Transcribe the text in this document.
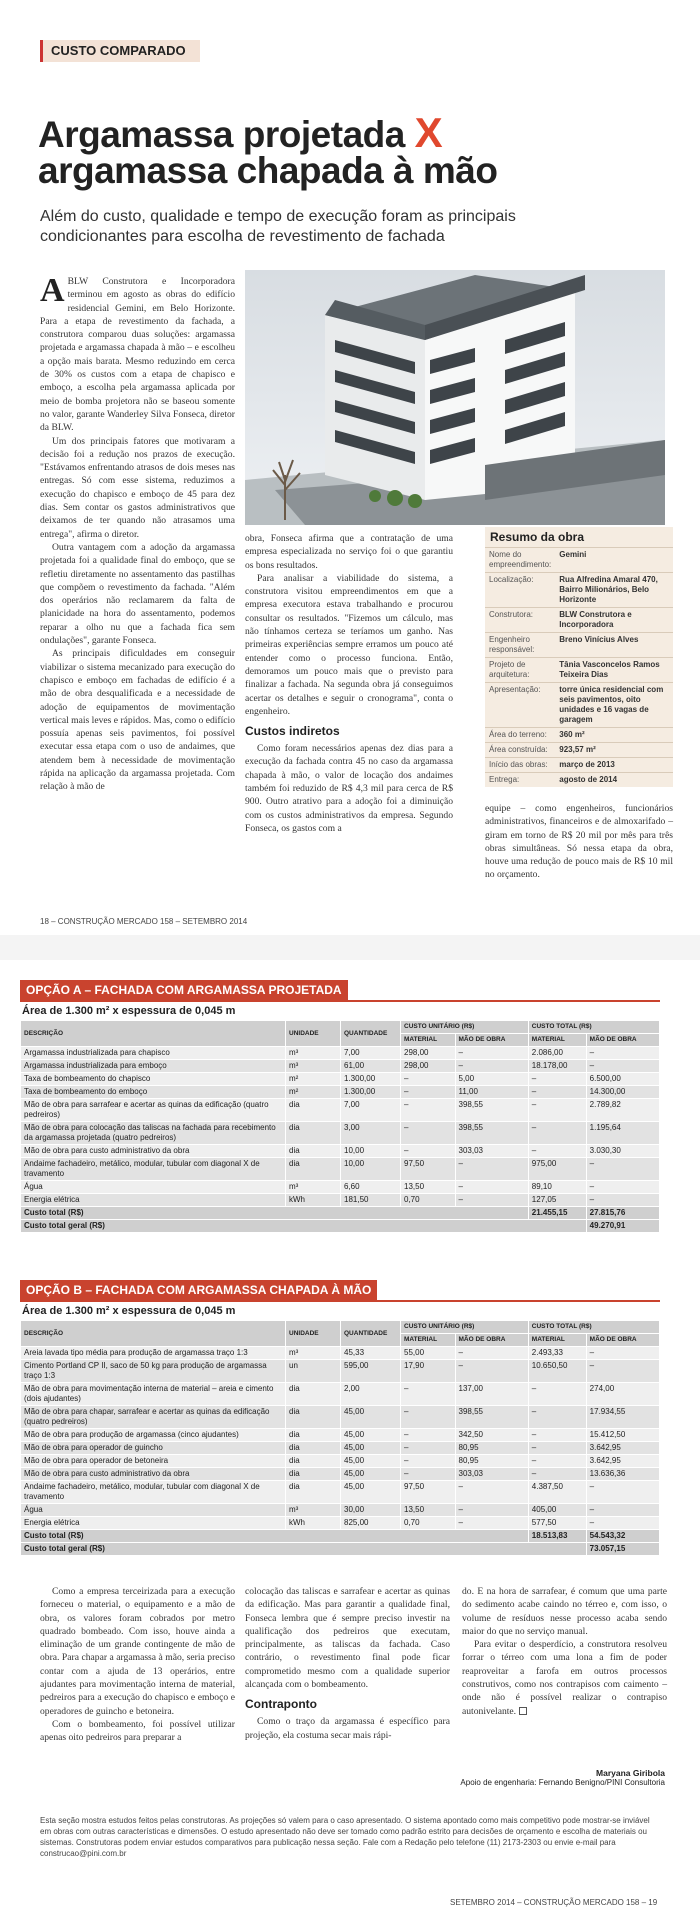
CUSTO COMPARADO
Argamassa projetada X
argamassa chapada à mão

Além do custo, qualidade e tempo de execução foram as principais condicionantes para escolha de revestimento de fachada

ABLW Construtora e Incorporadora terminou em agosto as obras do edifício residencial Gemini, em Belo Horizonte. Para a etapa de revestimento da fachada, a construtora comparou duas soluções: argamassa projetada e argamassa chapada à mão – e escolheu a opção mais barata. Mesmo reduzindo em cerca de 30% os custos com a etapa de chapisco e emboço, a escolha pela argamassa aplicada por meio de bomba projetora não se baseou somente no valor, garante Wanderley Silva Fonseca, diretor da BLW.

Um dos principais fatores que motivaram a decisão foi a redução nos prazos de execução. "Estávamos enfrentando atrasos de dois meses nas entregas. Só com esse sistema, reduzimos a execução do chapisco e emboço de 45 para dez dias. Sem contar os gastos administrativos que deixamos de ter quando não atrasamos uma entrega", afirma o diretor.

Outra vantagem com a adoção da argamassa projetada foi a qualidade final do emboço, que se refletiu diretamente no assentamento das pastilhas que compõem o revestimento da fachada. "Além dos operários não reclamarem da falta de planicidade na hora do assentamento, podemos reparar a olho nu que a fachada fica sem ondulações", garante Fonseca.

As principais dificuldades em conseguir viabilizar o sistema mecanizado para execução do chapisco e emboço em fachadas de edifício é a mão de obra desqualificada e a necessidade de adoção de equipamentos de movimentação vertical mais leves e rápidos. Mas, como o edifício possuía apenas seis pavimentos, foi possível executar essa etapa com o uso de andaimes, que atendem bem à necessidade de movimentação rápida na aplicação da argamassa projetada. Com relação à mão de

obra, Fonseca afirma que a contratação de uma empresa especializada no serviço foi o que garantiu os bons resultados.

Para analisar a viabilidade do sistema, a construtora visitou empreendimentos em que a empresa executora estava trabalhando e procurou consultar os resultados. "Fizemos um cálculo, mas não tínhamos certeza se teríamos um ganho. Nas primeiras experiências sempre erramos um pouco até entender como o processo funciona. Então, demoramos um pouco mais que o previsto para finalizar a fachada. Na segunda obra já conseguimos acertar os detalhes e seguir o cronograma", conta o engenheiro.

Custos indiretos

Como foram necessários apenas dez dias para a execução da fachada contra 45 no caso da argamassa chapada à mão, o valor de locação dos andaimes também foi reduzido de R$ 4,3 mil para cerca de R$ 900. Outro atrativo para a adoção foi a diminuição com os custos administrativos da empresa. Segundo Fonseca, os gastos com a

Resumo da obra
Nome do empreendimento:	Gemini
Localização:	Rua Alfredina Amaral 470, Bairro Milionários, Belo Horizonte
Construtora:	BLW Construtora e Incorporadora
Engenheiro responsável:	Breno Vinícius Alves
Projeto de arquitetura:	Tânia Vasconcelos Ramos Teixeira Dias
Apresentação:	torre única residencial com seis pavimentos, oito unidades e 16 vagas de garagem
Área do terreno:	360 m²
Área construída:	923,57 m²
Início das obras:	março de 2013
Entrega:	agosto de 2014

equipe – como engenheiros, funcionários administrativos, financeiros e de almoxarifado – giram em torno de R$ 20 mil por mês para três obras simultâneas. Só nessa etapa da obra, houve uma redução de pouco mais de R$ 10 mil no orçamento.

18 – CONSTRUÇÃO MERCADO 158 – SETEMBRO 2014
OPÇÃO A – FACHADA COM ARGAMASSA PROJETADA
Área de 1.300 m² x espessura de 0,045 m
DESCRIÇÃO	UNIDADE	QUANTIDADE	CUSTO UNITÁRIO (R$)		CUSTO TOTAL (R$)	
			MATERIAL	MÃO DE OBRA	MATERIAL	MÃO DE OBRA
Argamassa industrializada para chapisco	m³	7,00	298,00	–	2.086,00	–
Argamassa industrializada para emboço	m³	61,00	298,00	–	18.178,00	–
Taxa de bombeamento do chapisco	m²	1.300,00	–	5,00	–	6.500,00
Taxa de bombeamento do emboço	m²	1.300,00	–	11,00	–	14.300,00
Mão de obra para sarrafear e acertar as quinas da edificação (quatro pedreiros)	dia	7,00	–	398,55	–	2.789,82
Mão de obra para colocação das taliscas na fachada para recebimento da argamassa projetada (quatro pedreiros)	dia	3,00	–	398,55	–	1.195,64
Mão de obra para custo administrativo da obra	dia	10,00	–	303,03	–	3.030,30
Andaime fachadeiro, metálico, modular, tubular com diagonal X de travamento	dia	10,00	97,50	–	975,00	–
Água	m³	6,60	13,50	–	89,10	–
Energia elétrica	kWh	181,50	0,70	–	127,05	–
Custo total (R$)					21.455,15	27.815,76
Custo total geral (R$)						49.270,91
OPÇÃO B – FACHADA COM ARGAMASSA CHAPADA À MÃO
Área de 1.300 m² x espessura de 0,045 m
DESCRIÇÃO	UNIDADE	QUANTIDADE	CUSTO UNITÁRIO (R$)		CUSTO TOTAL (R$)	
			MATERIAL	MÃO DE OBRA	MATERIAL	MÃO DE OBRA
Areia lavada tipo média para produção de argamassa traço 1:3	m³	45,33	55,00	–	2.493,33	–
Cimento Portland CP II, saco de 50 kg para produção de argamassa traço 1:3	un	595,00	17,90	–	10.650,50	–
Mão de obra para movimentação interna de material – areia e cimento (dois ajudantes)	dia	2,00	–	137,00	–	274,00
Mão de obra para chapar, sarrafear e acertar as quinas da edificação (quatro pedreiros)	dia	45,00	–	398,55	–	17.934,55
Mão de obra para produção de argamassa (cinco ajudantes)	dia	45,00	–	342,50	–	15.412,50
Mão de obra para operador de guincho	dia	45,00	–	80,95	–	3.642,95
Mão de obra para operador de betoneira	dia	45,00	–	80,95	–	3.642,95
Mão de obra para custo administrativo da obra	dia	45,00	–	303,03	–	13.636,36
Andaime fachadeiro, metálico, modular, tubular com diagonal X de travamento	dia	45,00	97,50	–	4.387,50	–
Água	m³	30,00	13,50	–	405,00	–
Energia elétrica	kWh	825,00	0,70	–	577,50	–
Custo total (R$)					18.513,83	54.543,32
Custo total geral (R$)						73.057,15

Como a empresa terceirizada para a execução forneceu o material, o equipamento e a mão de obra, os valores foram cobrados por metro quadrado bombeado. Com isso, houve ainda a eliminação de um grande contingente de mão de obra. Para chapar a argamassa à mão, seria preciso contar com a ajuda de 13 operários, entre ajudantes para movimentação interna de material, pedreiros para a execução do chapisco e emboço e operadores de guincho e betoneira.

Com o bombeamento, foi possível utilizar apenas oito pedreiros para preparar a

colocação das taliscas e sarrafear e acertar as quinas da edificação. Mas para garantir a qualidade final, Fonseca lembra que é sempre preciso investir na qualificação dos pedreiros que executam, principalmente, as taliscas da fachada. Caso contrário, o revestimento final pode ficar comprometido mesmo com a qualidade superior alcançada com o bombeamento.

Contraponto

Como o traço da argamassa é específico para projeção, ela costuma secar mais rápi-

do. E na hora de sarrafear, é comum que uma parte do sedimento acabe caindo no térreo e, com isso, o volume de resíduos nesse processo acaba sendo maior do que no serviço manual.

Para evitar o desperdício, a construtora resolveu forrar o térreo com uma lona a fim de poder reaproveitar a farofa em outros processos construtivos, como nos contrapisos com caimento – onde não é possível realizar o contrapiso autonivelante.

Maryana Giribola
Apoio de engenharia: Fernando Benigno/PINI Consultoria

Esta seção mostra estudos feitos pelas construtoras. As projeções só valem para o caso apresentado. O sistema apontado como mais competitivo pode mostrar-se inviável em obras com outras características e dimensões. O estudo apresentado não deve ser tomado como padrão estrito para decisões de orçamento e escolha de materiais ou sistemas. Construtoras podem enviar estudos comparativos para publicação nessa seção. Fale com a Redação pelo telefone (11) 2173-2303 ou envie e-mail para construcao@pini.com.br

SETEMBRO 2014 – CONSTRUÇÃO MERCADO 158 – 19
